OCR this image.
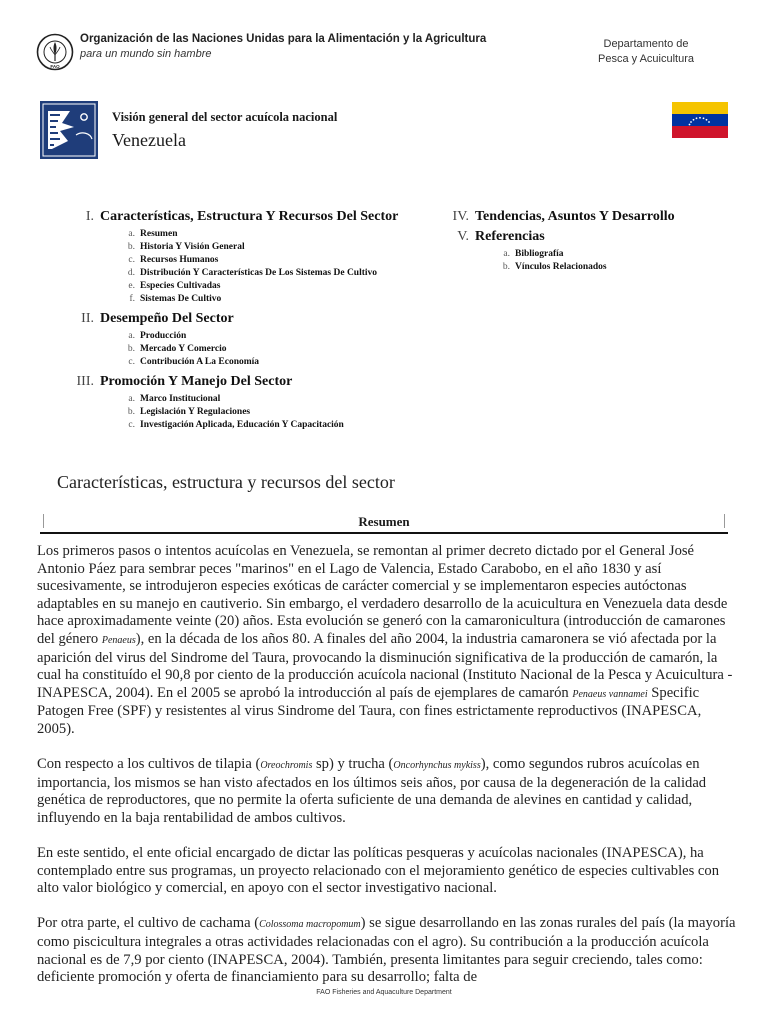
FAO
Organización de las Naciones Unidas para la Alimentación y la Agricultura
para un mundo sin hambre
Departamento de
Pesca y Acuicultura
Visión general del sector acuícola nacional
Venezuela
I. Características, Estructura Y Recursos Del Sector
a. Resumen
b. Historia Y Visión General
c. Recursos Humanos
d. Distribución Y Características De Los Sistemas De Cultivo
e. Especies Cultivadas
f. Sistemas De Cultivo
II. Desempeño Del Sector
a. Producción
b. Mercado Y Comercio
c. Contribución A La Economía
III. Promoción Y Manejo Del Sector
a. Marco Institucional
b. Legislación Y Regulaciones
c. Investigación Aplicada, Educación Y Capacitación
IV. Tendencias, Asuntos Y Desarrollo
V. Referencias
a. Bibliografía
b. Vínculos Relacionados
Características, estructura y recursos del sector
Resumen

Los primeros pasos o intentos acuícolas en Venezuela, se remontan al primer decreto dictado por el General José Antonio Páez para sembrar peces "marinos" en el Lago de Valencia, Estado Carabobo, en el año 1830 y así sucesivamente, se introdujeron especies exóticas de carácter comercial y se implementaron especies autóctonas adaptables en su manejo en cautiverio. Sin embargo, el verdadero desarrollo de la acuicultura en Venezuela data desde hace aproximadamente veinte (20) años. Esta evolución se generó con la camaronicultura (introducción de camarones del género Penaeus), en la década de los años 80. A finales del año 2004, la industria camaronera se vió afectada por la aparición del virus del Sindrome del Taura, provocando la disminución significativa de la producción de camarón, la cual ha constituído el 90,8 por ciento de la producción acuícola nacional (Instituto Nacional de la Pesca y Acuicultura - INAPESCA, 2004). En el 2005 se aprobó la introducción al país de ejemplares de camarón Penaeus vannamei Specific Patogen Free (SPF) y resistentes al virus Sindrome del Taura, con fines estrictamente reproductivos (INAPESCA, 2005).

Con respecto a los cultivos de tilapia (Oreochromis sp) y trucha (Oncorhynchus mykiss), como segundos rubros acuícolas en importancia, los mismos se han visto afectados en los últimos seis años, por causa de la degeneración de la calidad genética de reproductores, que no permite la oferta suficiente de una demanda de alevines en cantidad y calidad, influyendo en la baja rentabilidad de ambos cultivos.

En este sentido, el ente oficial encargado de dictar las políticas pesqueras y acuícolas nacionales (INAPESCA), ha contemplado entre sus programas, un proyecto relacionado con el mejoramiento genético de especies cultivables con alto valor biológico y comercial, en apoyo con el sector investigativo nacional.

Por otra parte, el cultivo de cachama (Colossoma macropomum) se sigue desarrollando en las zonas rurales del país (la mayoría como piscicultura integrales a otras actividades relacionadas con el agro). Su contribución a la producción acuícola nacional es de 7,9 por ciento (INAPESCA, 2004). También, presenta limitantes para seguir creciendo, tales como: deficiente promoción y oferta de financiamiento para su desarrollo; falta de

FAO Fisheries and Aquaculture Department
